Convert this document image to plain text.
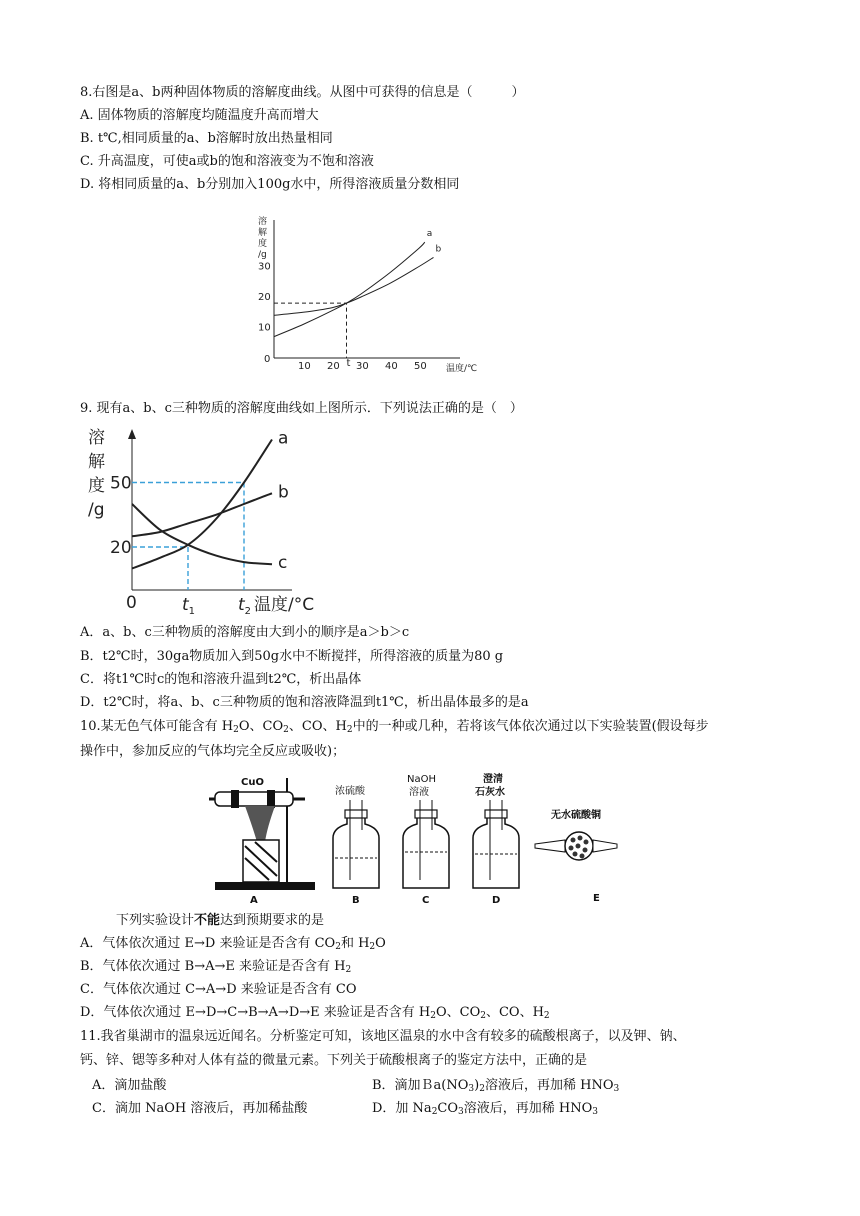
8.右图是a、b两种固体物质的溶解度曲线。从图中可获得的信息是（　　　）
A. 固体物质的溶解度均随温度升高而增大
B. t℃,相同质量的a、b溶解时放出热量相同
C. 升高温度，可使a或b的饱和溶液变为不饱和溶液
D. 将相同质量的a、b分别加入100g水中，所得溶液质量分数相同
溶
解
度
/g
10 20 t 30 40 50
10
20
30
a
b
温度/℃
0
9. 现有a、b、c三种物质的溶解度曲线如上图所示．下列说法正确的是（　）
溶
解
度
/g
20
50
$t_1$	$t_2$
a
b
c
温度/°C
0
A．a、b、c三种物质的溶解度由大到小的顺序是a＞b＞c
B．t2℃时，30ga物质加入到50g水中不断搅拌，所得溶液的质量为80 g
C．将t1℃时c的饱和溶液升温到t2℃，析出晶体
D．t2℃时，将a、b、c三种物质的饱和溶液降温到t1℃，析出晶体最多的是a
10.某无色气体可能含有 $H_2O$、$CO_2$、CO、$H_2$中的一种或几种，若将该气体依次通过以下实验装置(假设每步
操作中，参加反应的气体均完全反应或吸收)；
CuO
A
浓硫酸
B
NaOH
溶液
C
澄清
石灰水
D
无水硫酸铜
E
下列实验设计不能达到预期要求的是
A．气体依次通过 E→D 来验证是否含有 $CO_2$和 $H_2O$
B．气体依次通过 B→A→E 来验证是否含有 $H_2$
C．气体依次通过 C→A→D 来验证是否含有 CO
D．气体依次通过 E→D→C→B→A→D→E 来验证是否含有 $H_2O$、$CO_2$、CO、$H_2$
11.我省巢湖市的温泉远近闻名。分析鉴定可知，该地区温泉的水中含有较多的硫酸根离子，以及钾、钠、
钙、锌、锶等多种对人体有益的微量元素。下列关于硫酸根离子的鉴定方法中，正确的是
A．滴加盐酸	B．滴加$Ba(NO_3)_2$溶液后，再加稀 $HNO_3$
C．滴加 NaOH 溶液后，再加稀盐酸	D．加 $Na_2CO_3$溶液后，再加稀 $HNO_3$
